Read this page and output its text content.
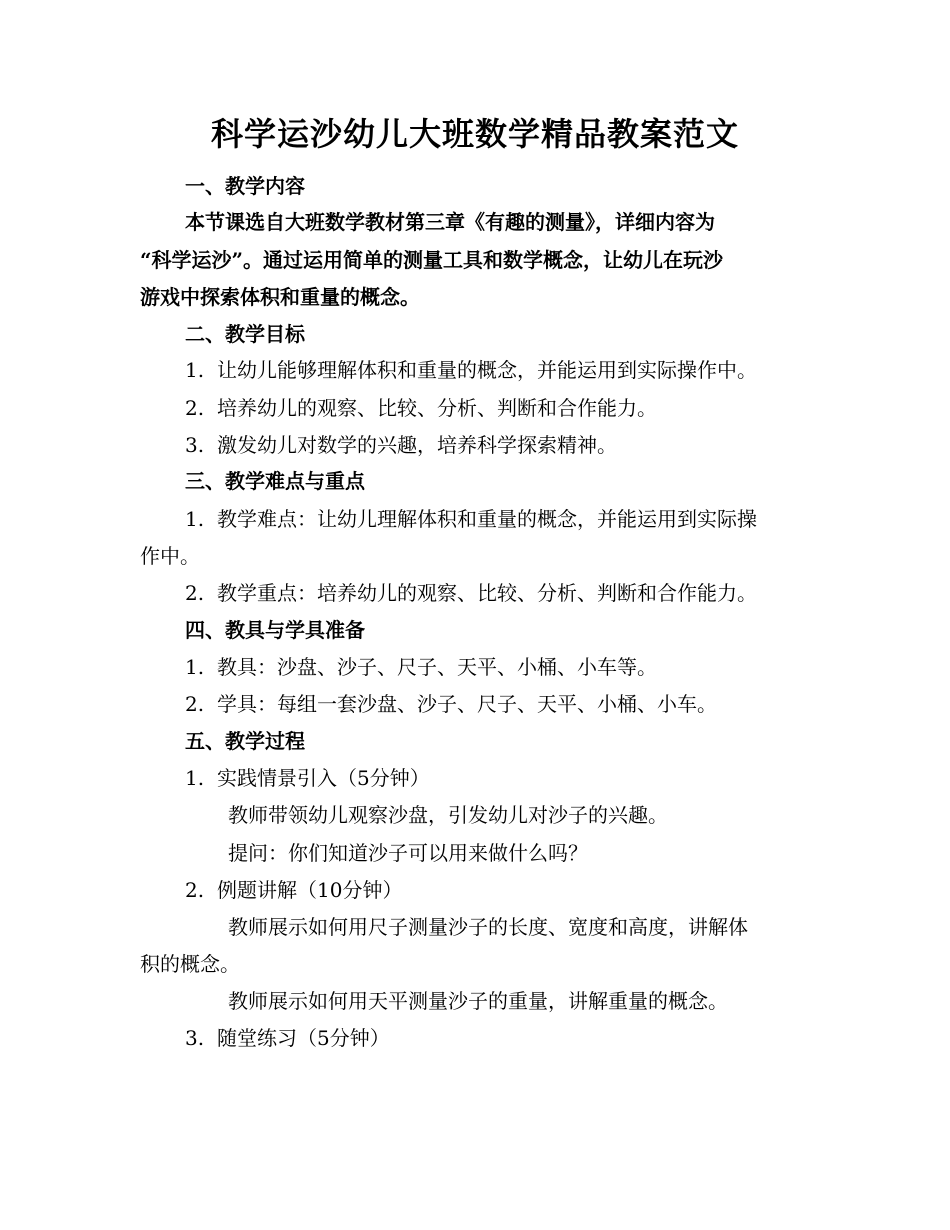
科学运沙幼儿大班数学精品教案范文
一、教学内容
本节课选自大班数学教材第三章《有趣的测量》，详细内容为
“科学运沙”。通过运用简单的测量工具和数学概念，让幼儿在玩沙
游戏中探索体积和重量的概念。
二、教学目标
1. 让幼儿能够理解体积和重量的概念，并能运用到实际操作中。
2. 培养幼儿的观察、比较、分析、判断和合作能力。
3. 激发幼儿对数学的兴趣，培养科学探索精神。
三、教学难点与重点
1. 教学难点：让幼儿理解体积和重量的概念，并能运用到实际操
作中。
2. 教学重点：培养幼儿的观察、比较、分析、判断和合作能力。
四、教具与学具准备
1. 教具：沙盘、沙子、尺子、天平、小桶、小车等。
2. 学具：每组一套沙盘、沙子、尺子、天平、小桶、小车。
五、教学过程
1. 实践情景引入（5分钟）
教师带领幼儿观察沙盘，引发幼儿对沙子的兴趣。
提问：你们知道沙子可以用来做什么吗？
2. 例题讲解（10分钟）
教师展示如何用尺子测量沙子的长度、宽度和高度，讲解体
积的概念。
教师展示如何用天平测量沙子的重量，讲解重量的概念。
3. 随堂练习（5分钟）
